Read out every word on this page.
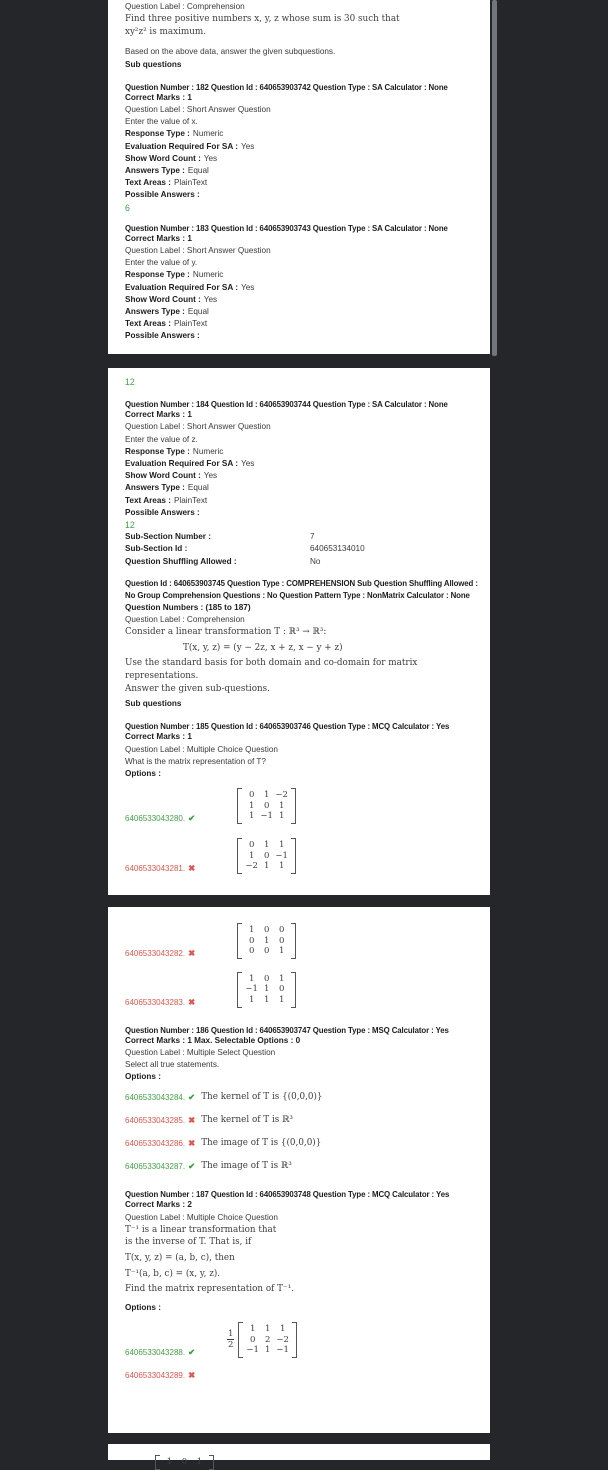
Question Label : Comprehension
Find three positive numbers x, y, z whose sum is 30 such that
xy²z² is maximum.
Based on the above data, answer the given subquestions.
Sub questions
Question Number : 182 Question Id : 640653903742 Question Type : SA Calculator : None
Correct Marks : 1
Question Label : Short Answer Question
Enter the value of x.
Response Type : Numeric
Evaluation Required For SA : Yes
Show Word Count : Yes
Answers Type : Equal
Text Areas : PlainText
Possible Answers :
6
Question Number : 183 Question Id : 640653903743 Question Type : SA Calculator : None
Correct Marks : 1
Question Label : Short Answer Question
Enter the value of y.
Response Type : Numeric
Evaluation Required For SA : Yes
Show Word Count : Yes
Answers Type : Equal
Text Areas : PlainText
Possible Answers :
12
Question Number : 184 Question Id : 640653903744 Question Type : SA Calculator : None
Correct Marks : 1
Question Label : Short Answer Question
Enter the value of z.
Response Type : Numeric
Evaluation Required For SA : Yes
Show Word Count : Yes
Answers Type : Equal
Text Areas : PlainText
Possible Answers :
12
Sub-Section Number :	7
Sub-Section Id :	640653134010
Question Shuffling Allowed :	No
Question Id : 640653903745 Question Type : COMPREHENSION Sub Question Shuffling Allowed : No Group Comprehension Questions : No Question Pattern Type : NonMatrix Calculator : None
Question Numbers : (185 to 187)
Question Label : Comprehension
Consider a linear transformation T : ℝ³ → ℝ³:
T(x, y, z) = (y − 2z, x + z, x − y + z)
Use the standard basis for both domain and co-domain for matrix representations.
Answer the given sub-questions.
Sub questions
Question Number : 185 Question Id : 640653903746 Question Type : MCQ Calculator : Yes
Correct Marks : 1
Question Label : Multiple Choice Question
What is the matrix representation of T?
Options :
6406533043280. ✔
0	1 −2
1	0	1
1 −1 1
6406533043281. ✖
0	1	1
1	0 −1
−2 1	1
6406533043282. ✖
1	0	0
0	1	0
0	0	1
6406533043283. ✖
1	0	1
−1 1	0
1	1	1
Question Number : 186 Question Id : 640653903747 Question Type : MSQ Calculator : Yes
Correct Marks : 1 Max. Selectable Options : 0
Question Label : Multiple Select Question
Select all true statements.
Options :
6406533043284. ✔ The kernel of T is {(0,0,0)}
6406533043285. ✖ The kernel of T is ℝ³
6406533043286. ✖ The image of T is {(0,0,0)}
6406533043287. ✔ The image of T is ℝ³
Question Number : 187 Question Id : 640653903748 Question Type : MCQ Calculator : Yes
Correct Marks : 2
Question Label : Multiple Choice Question
T⁻¹ is a linear transformation that
is the inverse of T. That is, if
T(x, y, z) = (a, b, c), then
T⁻¹(a, b, c) = (x, y, z).
Find the matrix representation of T⁻¹.
Options :
6406533043288. ✔
$\frac{1}{2}$
1	1	1
0	2 −2
−1 1 −1
6406533043289. ✖
1	0	1
